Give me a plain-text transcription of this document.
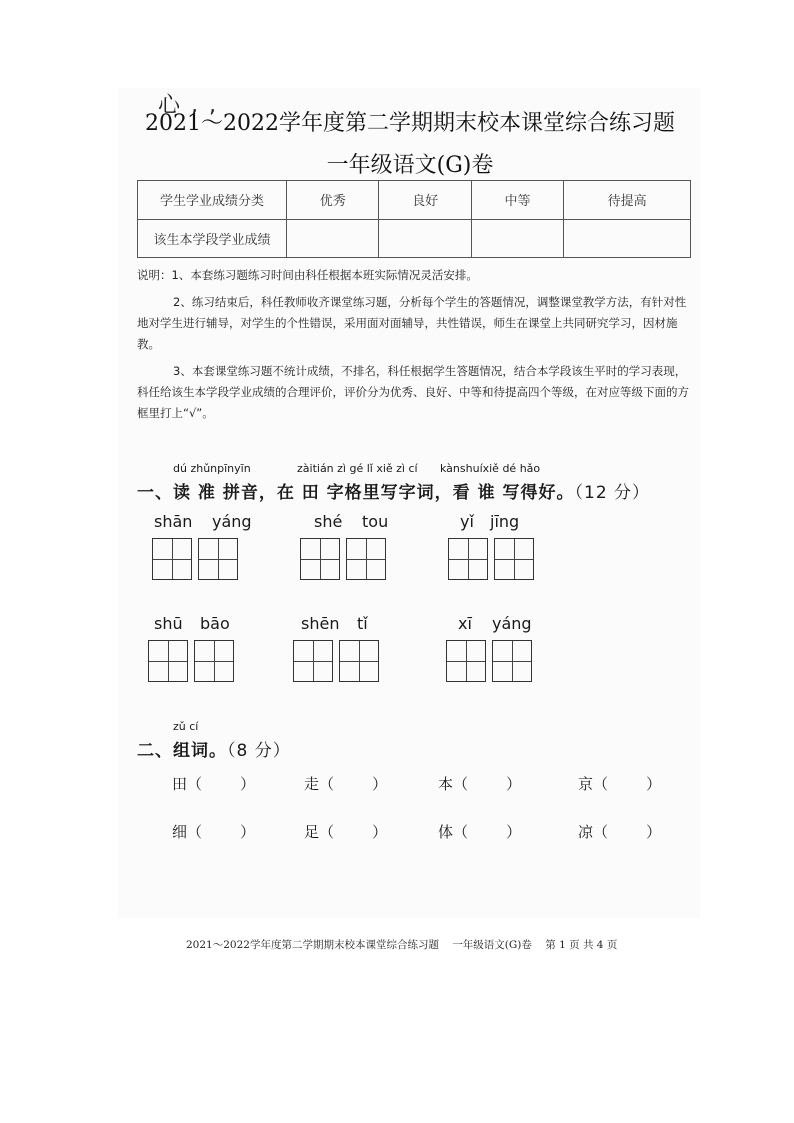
心 , ,
2021～2022学年度第二学期期末校本课堂综合练习题
一年级语文(G)卷
学生学业成绩分类	优秀	良好	中等	待提高
该生本学段学业成绩				

说明：1、本套练习题练习时间由科任根据本班实际情况灵活安排。

2、练习结束后，科任教师收齐课堂练习题，分析每个学生的答题情况，调整课堂教学方法，有针对性地对学生进行辅导，对学生的个性错误，采用面对面辅导，共性错误，师生在课堂上共同研究学习，因材施教。

3、本套课堂练习题不统计成绩，不排名，科任根据学生答题情况，结合本学段该生平时的学习表现，科任给该生本学段学业成绩的合理评价，评价分为优秀、良好、中等和待提高四个等级，在对应等级下面的方框里打上“√”。

dú zhǔnpīnyīn	zàitián zì gé lǐ xiě zì cí kànshuíxiě dé hǎo
一、读 准 拼音，在 田 字格里写字词，看 谁 写得好。（12 分）
shān yáng	shé tou	yǐ jīng
shū bāo	shēn tǐ	xī yáng
zǔ cí
二、组词。（8 分）
田（        ）	走（        ）	本（        ）	京（        ）
细（        ）	足（        ）	体（        ）	凉（        ）
2021～2022学年度第二学期期末校本课堂综合练习题 一年级语文(G)卷 第 1 页 共 4 页
